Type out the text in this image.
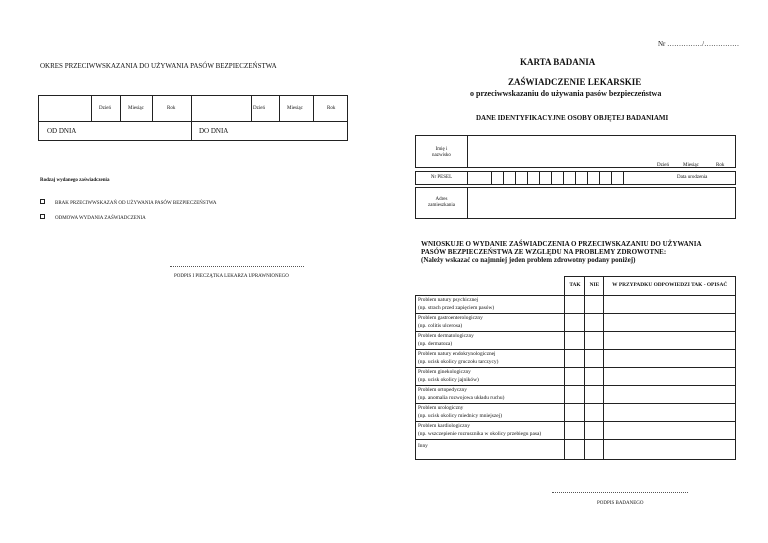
Nr ……………/……………
OKRES PRZECIWWSKAZANIA DO UŻYWANIA PASÓW BEZPIECZEŃSTWA	KARTA BADANIA
ZAŚWIADCZENIE LEKARSKIE
o przeciwwskazaniu do używania pasów bezpieczeństwa
Dzień	Miesiąc	Rok	Dzień	Miesiąc	Rok
OD DNIA	DO DNIA
Rodzaj wydanego zaświadczenia
BRAK PRZECIWWSKAZAŃ OD UŻYWANIA PASÓW BEZPIECZEŃSTWA
ODMOWA WYDANIA ZAŚWIADCZENIA
PODPIS I PIECZĄTKA LEKARZA UPRAWNIONEGO
DANE IDENTYFIKACYJNE OSOBY OBJĘTEJ BADANIAMI
Imię i
nazwisko
Dzień	Miesiąc	Rok
Nr PESEL	Data urodzenia
Adres
zamieszkania
WNIOSKUJE O WYDANIE ZAŚWIADCZENIA O PRZECIWSKAZANIU DO UŻYWANIA
PASÓW BEZPIECZEŃSTWA ZE WZGLĘDU NA PROBLEMY ZDROWOTNE:
(Należy wskazać co najmniej jeden problem zdrowotny podany poniżej)
	TAK	NIE	W PRZYPADKU ODPOWIEDZI TAK - OPISAĆ

Problem natury psychicznej
(np. strach przed zapięciem pasów)			

Problem gastroenterologiczny
(np. colitis ulcerosa)			

Problem dermatologiczny
(np. dermatoza)			

Problem natury endokrynologicznej
(np. ucisk okolicy gruczołu tarczycy)			

Problem ginekologiczny
(np. ucisk okolicy jajników)			

Problem ortopedyczny
(np. anomalia rozwojowa układu ruchu)			

Problem urologiczny
(np. ucisk okolicy miednicy mniejszej)			

Problem kardiologiczny
(np. wszczepienie rozrusznika w okolicy przebiegu pasa)			

Inny			

PODPIS BADANEGO
